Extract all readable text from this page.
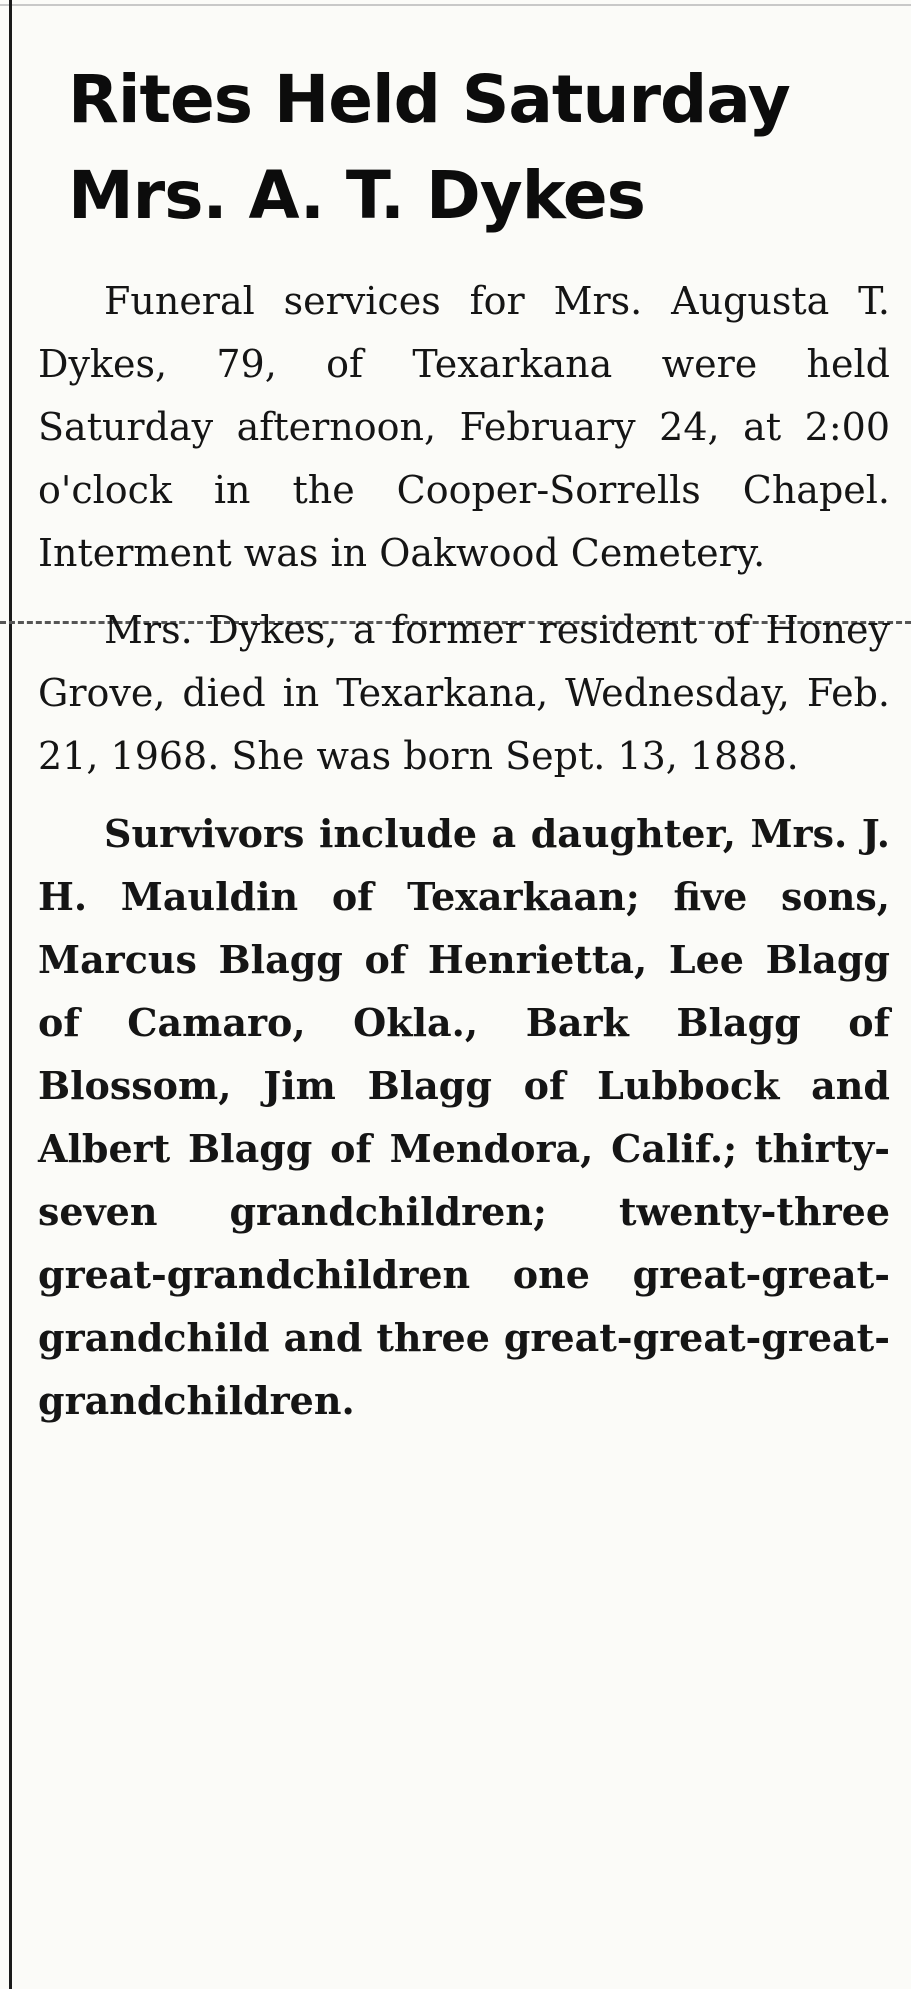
Rites Held Saturday
Mrs. A. T. Dykes

Funeral services for Mrs. Augusta T. Dykes, 79, of Texarkana were held Saturday afternoon, February 24, at 2:00 o'clock in the Cooper-Sorrells Chapel. Interment was in Oakwood Cemetery.

Mrs. Dykes, a former resident of Honey Grove, died in Texarkana, Wednesday, Feb. 21, 1968. She was born Sept. 13, 1888.

Survivors include a daughter, Mrs. J. H. Mauldin of Texarkaan; five sons, Marcus Blagg of Henrietta, Lee Blagg of Camaro, Okla., Bark Blagg of Blossom, Jim Blagg of Lubbock and Albert Blagg of Mendora, Calif.; thirty-seven grandchildren; twenty-three great-grandchildren one great-great-grandchild and three great-great-great-grandchildren.
